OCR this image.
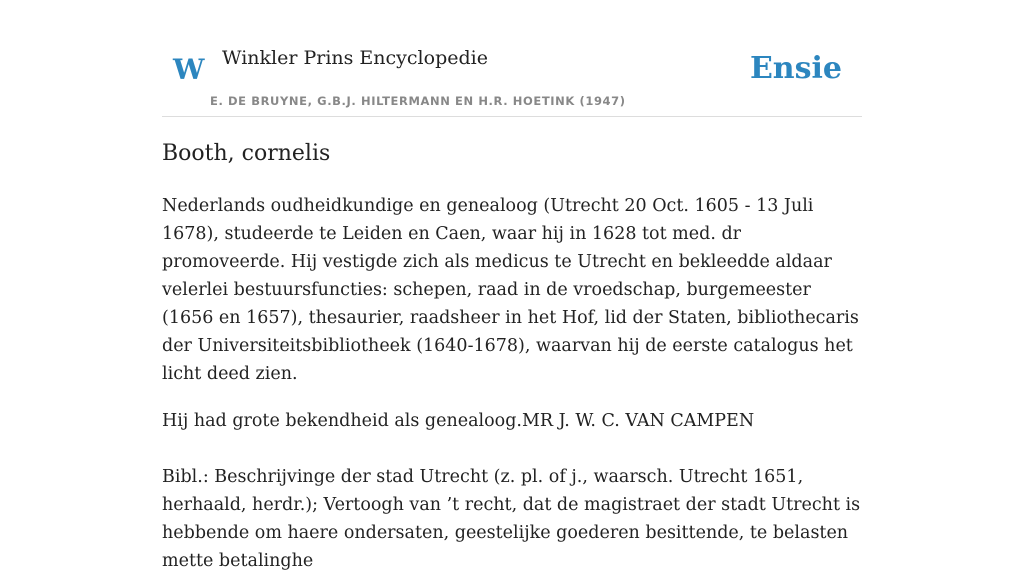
W Winkler Prins Encyclopedie
E. DE BRUYNE, G.B.J. HILTERMANN EN H.R. HOETINK (1947)
Ensie
Booth, cornelis

Nederlands oudheidkundige en genealoog (Utrecht 20 Oct. 1605 - 13 Juli 1678), studeerde te Leiden en Caen, waar hij in 1628 tot med. dr promoveerde. Hij vestigde zich als medicus te Utrecht en bekleedde aldaar velerlei bestuursfuncties: schepen, raad in de vroedschap, burgemeester (1656 en 1657), thesaurier, raadsheer in het Hof, lid der Staten, bibliothecaris der Universiteitsbibliotheek (1640-1678), waarvan hij de eerste catalogus het licht deed zien.

Hij had grote bekendheid als genealoog.MR J. W. C. VAN CAMPEN

Bibl.: Beschrijvinge der stad Utrecht (z. pl. of j., waarsch. Utrecht 1651, herhaald, herdr.); Vertoogh van ’t recht, dat de magistraet der stadt Utrecht is hebbende om haere ondersaten, geestelijke goederen besittende, te belasten mette betalinghe
